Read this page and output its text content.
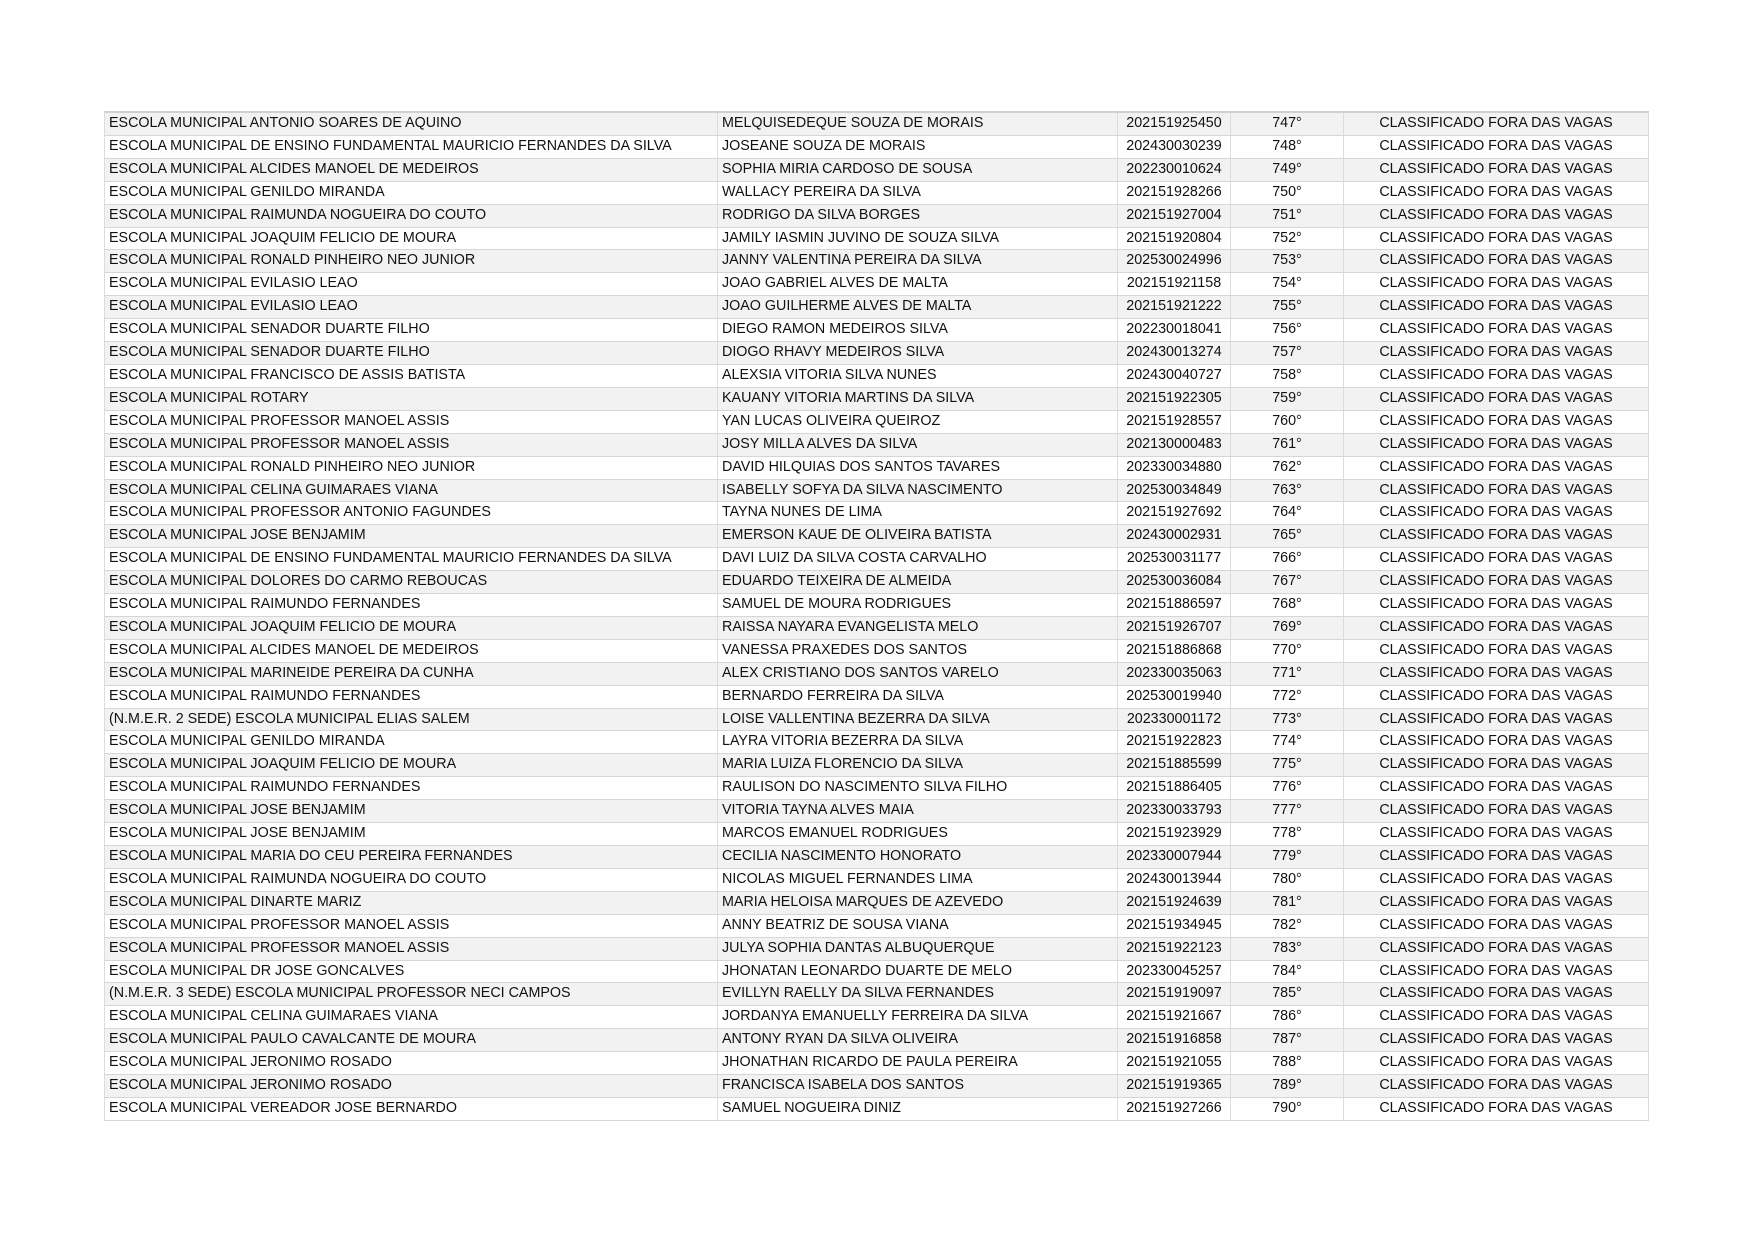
ESCOLA MUNICIPAL ANTONIO SOARES DE AQUINO	MELQUISEDEQUE SOUZA DE MORAIS	202151925450	747°	CLASSIFICADO FORA DAS VAGAS
ESCOLA MUNICIPAL DE ENSINO FUNDAMENTAL MAURICIO FERNANDES DA SILVA	JOSEANE SOUZA DE MORAIS	202430030239	748°	CLASSIFICADO FORA DAS VAGAS
ESCOLA MUNICIPAL ALCIDES MANOEL DE MEDEIROS	SOPHIA MIRIA CARDOSO DE SOUSA	202230010624	749°	CLASSIFICADO FORA DAS VAGAS
ESCOLA MUNICIPAL GENILDO MIRANDA	WALLACY PEREIRA DA SILVA	202151928266	750°	CLASSIFICADO FORA DAS VAGAS
ESCOLA MUNICIPAL RAIMUNDA NOGUEIRA DO COUTO	RODRIGO DA SILVA BORGES	202151927004	751°	CLASSIFICADO FORA DAS VAGAS
ESCOLA MUNICIPAL JOAQUIM FELICIO DE MOURA	JAMILY IASMIN JUVINO DE SOUZA SILVA	202151920804	752°	CLASSIFICADO FORA DAS VAGAS
ESCOLA MUNICIPAL RONALD PINHEIRO NEO JUNIOR	JANNY VALENTINA PEREIRA DA SILVA	202530024996	753°	CLASSIFICADO FORA DAS VAGAS
ESCOLA MUNICIPAL EVILASIO LEAO	JOAO GABRIEL ALVES DE MALTA	202151921158	754°	CLASSIFICADO FORA DAS VAGAS
ESCOLA MUNICIPAL EVILASIO LEAO	JOAO GUILHERME ALVES DE MALTA	202151921222	755°	CLASSIFICADO FORA DAS VAGAS
ESCOLA MUNICIPAL SENADOR DUARTE FILHO	DIEGO RAMON MEDEIROS SILVA	202230018041	756°	CLASSIFICADO FORA DAS VAGAS
ESCOLA MUNICIPAL SENADOR DUARTE FILHO	DIOGO RHAVY MEDEIROS SILVA	202430013274	757°	CLASSIFICADO FORA DAS VAGAS
ESCOLA MUNICIPAL FRANCISCO DE ASSIS BATISTA	ALEXSIA VITORIA SILVA NUNES	202430040727	758°	CLASSIFICADO FORA DAS VAGAS
ESCOLA MUNICIPAL ROTARY	KAUANY VITORIA MARTINS DA SILVA	202151922305	759°	CLASSIFICADO FORA DAS VAGAS
ESCOLA MUNICIPAL PROFESSOR MANOEL ASSIS	YAN LUCAS OLIVEIRA QUEIROZ	202151928557	760°	CLASSIFICADO FORA DAS VAGAS
ESCOLA MUNICIPAL PROFESSOR MANOEL ASSIS	JOSY MILLA ALVES DA SILVA	202130000483	761°	CLASSIFICADO FORA DAS VAGAS
ESCOLA MUNICIPAL RONALD PINHEIRO NEO JUNIOR	DAVID HILQUIAS DOS SANTOS TAVARES	202330034880	762°	CLASSIFICADO FORA DAS VAGAS
ESCOLA MUNICIPAL CELINA GUIMARAES VIANA	ISABELLY SOFYA DA SILVA NASCIMENTO	202530034849	763°	CLASSIFICADO FORA DAS VAGAS
ESCOLA MUNICIPAL PROFESSOR ANTONIO FAGUNDES	TAYNA NUNES DE LIMA	202151927692	764°	CLASSIFICADO FORA DAS VAGAS
ESCOLA MUNICIPAL JOSE BENJAMIM	EMERSON KAUE DE OLIVEIRA BATISTA	202430002931	765°	CLASSIFICADO FORA DAS VAGAS
ESCOLA MUNICIPAL DE ENSINO FUNDAMENTAL MAURICIO FERNANDES DA SILVA	DAVI LUIZ DA SILVA COSTA CARVALHO	202530031177	766°	CLASSIFICADO FORA DAS VAGAS
ESCOLA MUNICIPAL DOLORES DO CARMO REBOUCAS	EDUARDO TEIXEIRA DE ALMEIDA	202530036084	767°	CLASSIFICADO FORA DAS VAGAS
ESCOLA MUNICIPAL RAIMUNDO FERNANDES	SAMUEL DE MOURA RODRIGUES	202151886597	768°	CLASSIFICADO FORA DAS VAGAS
ESCOLA MUNICIPAL JOAQUIM FELICIO DE MOURA	RAISSA NAYARA EVANGELISTA MELO	202151926707	769°	CLASSIFICADO FORA DAS VAGAS
ESCOLA MUNICIPAL ALCIDES MANOEL DE MEDEIROS	VANESSA PRAXEDES DOS SANTOS	202151886868	770°	CLASSIFICADO FORA DAS VAGAS
ESCOLA MUNICIPAL MARINEIDE PEREIRA DA CUNHA	ALEX CRISTIANO DOS SANTOS VARELO	202330035063	771°	CLASSIFICADO FORA DAS VAGAS
ESCOLA MUNICIPAL RAIMUNDO FERNANDES	BERNARDO FERREIRA DA SILVA	202530019940	772°	CLASSIFICADO FORA DAS VAGAS
(N.M.E.R. 2 SEDE) ESCOLA MUNICIPAL ELIAS SALEM	LOISE VALLENTINA BEZERRA DA SILVA	202330001172	773°	CLASSIFICADO FORA DAS VAGAS
ESCOLA MUNICIPAL GENILDO MIRANDA	LAYRA VITORIA BEZERRA DA SILVA	202151922823	774°	CLASSIFICADO FORA DAS VAGAS
ESCOLA MUNICIPAL JOAQUIM FELICIO DE MOURA	MARIA LUIZA FLORENCIO DA SILVA	202151885599	775°	CLASSIFICADO FORA DAS VAGAS
ESCOLA MUNICIPAL RAIMUNDO FERNANDES	RAULISON DO NASCIMENTO SILVA FILHO	202151886405	776°	CLASSIFICADO FORA DAS VAGAS
ESCOLA MUNICIPAL JOSE BENJAMIM	VITORIA TAYNA ALVES MAIA	202330033793	777°	CLASSIFICADO FORA DAS VAGAS
ESCOLA MUNICIPAL JOSE BENJAMIM	MARCOS EMANUEL RODRIGUES	202151923929	778°	CLASSIFICADO FORA DAS VAGAS
ESCOLA MUNICIPAL MARIA DO CEU PEREIRA FERNANDES	CECILIA NASCIMENTO HONORATO	202330007944	779°	CLASSIFICADO FORA DAS VAGAS
ESCOLA MUNICIPAL RAIMUNDA NOGUEIRA DO COUTO	NICOLAS MIGUEL FERNANDES LIMA	202430013944	780°	CLASSIFICADO FORA DAS VAGAS
ESCOLA MUNICIPAL DINARTE MARIZ	MARIA HELOISA MARQUES DE AZEVEDO	202151924639	781°	CLASSIFICADO FORA DAS VAGAS
ESCOLA MUNICIPAL PROFESSOR MANOEL ASSIS	ANNY BEATRIZ DE SOUSA VIANA	202151934945	782°	CLASSIFICADO FORA DAS VAGAS
ESCOLA MUNICIPAL PROFESSOR MANOEL ASSIS	JULYA SOPHIA DANTAS ALBUQUERQUE	202151922123	783°	CLASSIFICADO FORA DAS VAGAS
ESCOLA MUNICIPAL DR JOSE GONCALVES	JHONATAN LEONARDO DUARTE DE MELO	202330045257	784°	CLASSIFICADO FORA DAS VAGAS
(N.M.E.R. 3 SEDE) ESCOLA MUNICIPAL PROFESSOR NECI CAMPOS	EVILLYN RAELLY DA SILVA FERNANDES	202151919097	785°	CLASSIFICADO FORA DAS VAGAS
ESCOLA MUNICIPAL CELINA GUIMARAES VIANA	JORDANYA EMANUELLY FERREIRA DA SILVA	202151921667	786°	CLASSIFICADO FORA DAS VAGAS
ESCOLA MUNICIPAL PAULO CAVALCANTE DE MOURA	ANTONY RYAN DA SILVA OLIVEIRA	202151916858	787°	CLASSIFICADO FORA DAS VAGAS
ESCOLA MUNICIPAL JERONIMO ROSADO	JHONATHAN RICARDO DE PAULA PEREIRA	202151921055	788°	CLASSIFICADO FORA DAS VAGAS
ESCOLA MUNICIPAL JERONIMO ROSADO	FRANCISCA ISABELA DOS SANTOS	202151919365	789°	CLASSIFICADO FORA DAS VAGAS
ESCOLA MUNICIPAL VEREADOR JOSE BERNARDO	SAMUEL NOGUEIRA DINIZ	202151927266	790°	CLASSIFICADO FORA DAS VAGAS
